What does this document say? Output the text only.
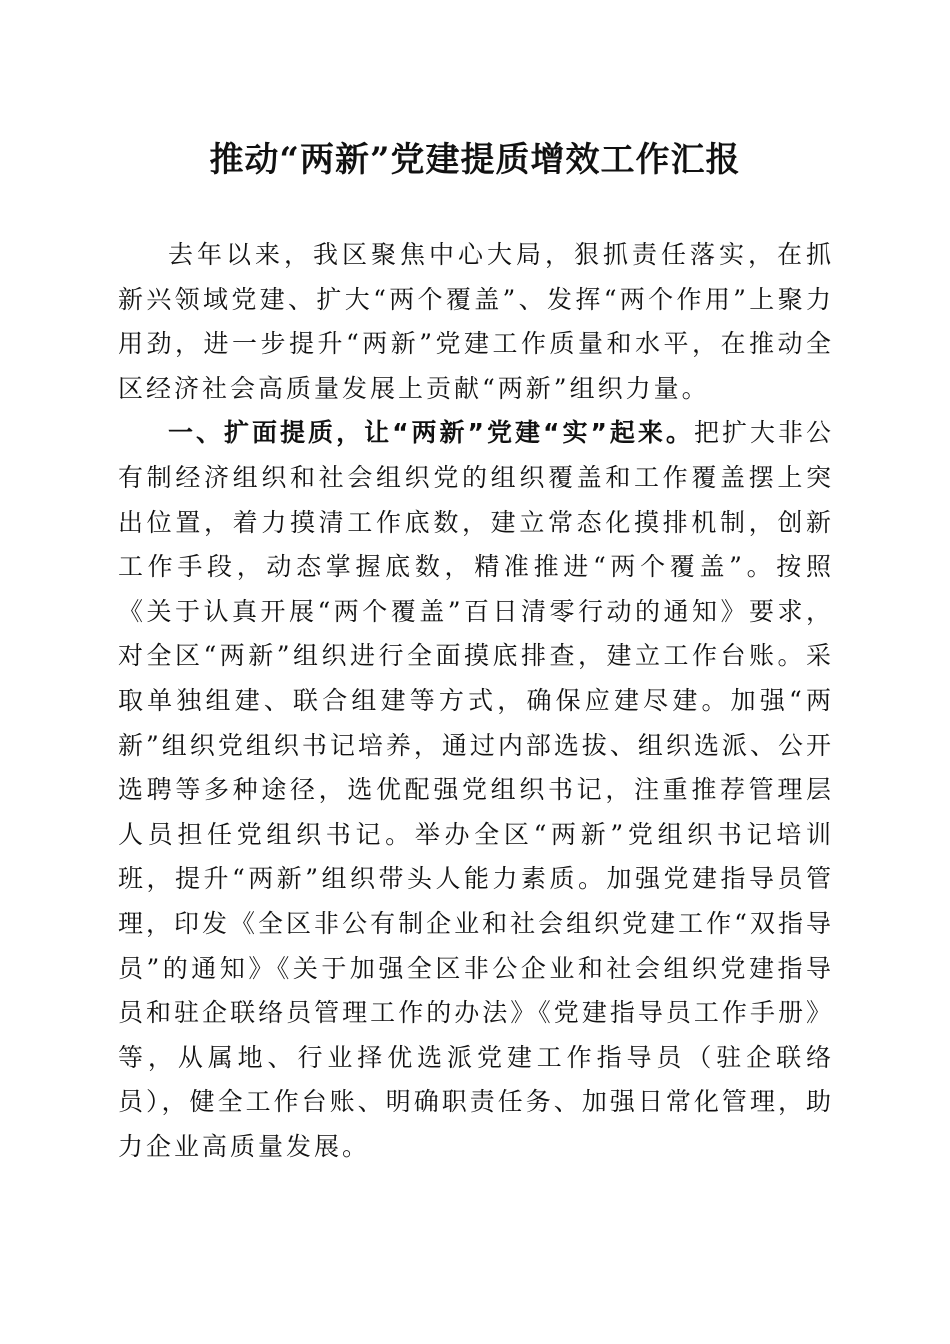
推动“两新”党建提质增效工作汇报

去年以来，我区聚焦中心大局，狠抓责任落实，在抓新兴领域党建、扩大“两个覆盖”、发挥“两个作用”上聚力用劲，进一步提升“两新”党建工作质量和水平，在推动全区经济社会高质量发展上贡献“两新”组织力量。

一、扩面提质，让“两新”党建“实”起来。把扩大非公有制经济组织和社会组织党的组织覆盖和工作覆盖摆上突出位置，着力摸清工作底数，建立常态化摸排机制，创新工作手段，动态掌握底数，精准推进“两个覆盖”。按照《关于认真开展“两个覆盖”百日清零行动的通知》要求，对全区“两新”组织进行全面摸底排查，建立工作台账。采取单独组建、联合组建等方式，确保应建尽建。加强“两新”组织党组织书记培养，通过内部选拔、组织选派、公开选聘等多种途径，选优配强党组织书记，注重推荐管理层人员担任党组织书记。举办全区“两新”党组织书记培训班，提升“两新”组织带头人能力素质。加强党建指导员管理，印发《全区非公有制企业和社会组织党建工作“双指导员”的通知》《关于加强全区非公企业和社会组织党建指导员和驻企联络员管理工作的办法》《党建指导员工作手册》等，从属地、行业择优选派党建工作指导员（驻企联络员），健全工作台账、明确职责任务、加强日常化管理，助力企业高质量发展。
